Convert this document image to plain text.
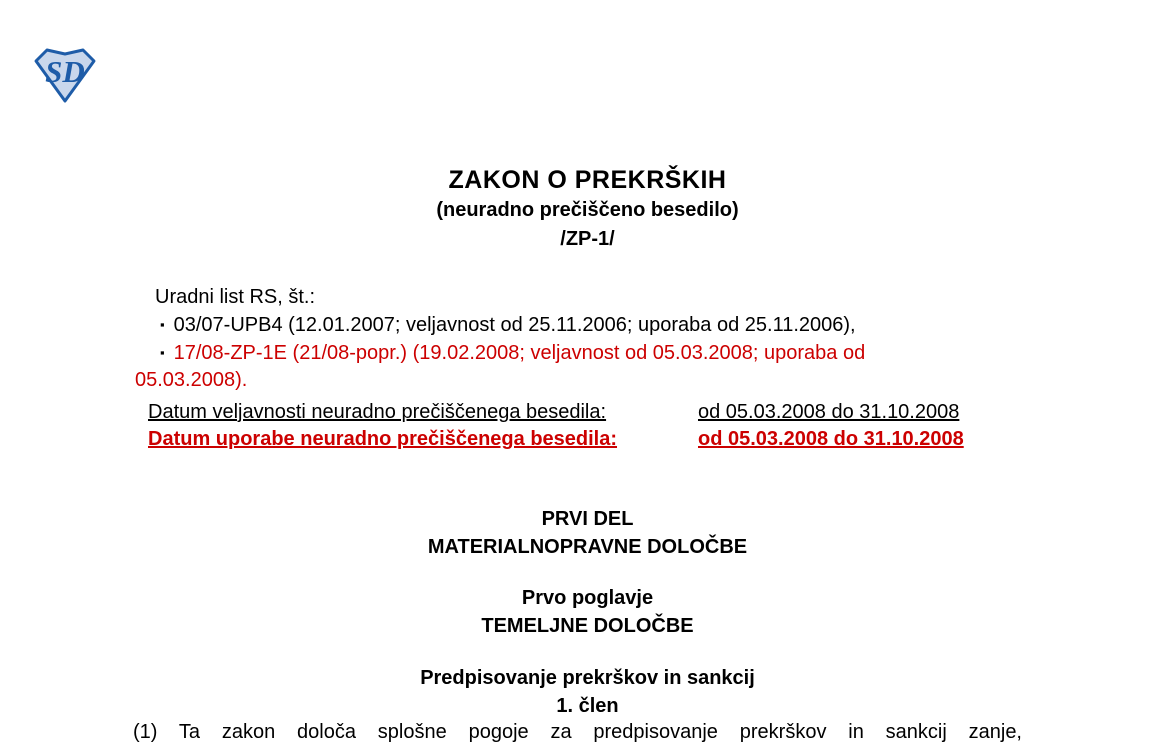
SD
ZAKON O PREKRŠKIH
(neuradno prečiščeno besedilo)
/ZP-1/
Uradni list RS, št.:
▪ 03/07-UPB4 (12.01.2007; veljavnost od 25.11.2006; uporaba od 25.11.2006),
▪ 17/08-ZP-1E (21/08-popr.) (19.02.2008; veljavnost od 05.03.2008; uporaba od
05.03.2008).
Datum veljavnosti neuradno prečiščenega besedila:	od 05.03.2008 do 31.10.2008
Datum uporabe neuradno prečiščenega besedila:	od 05.03.2008 do 31.10.2008
PRVI DEL
MATERIALNOPRAVNE DOLOČBE
Prvo poglavje
TEMELJNE DOLOČBE
Predpisovanje prekrškov in sankcij
1. člen
(1) Ta zakon določa splošne pogoje za predpisovanje prekrškov in sankcij zanje,
